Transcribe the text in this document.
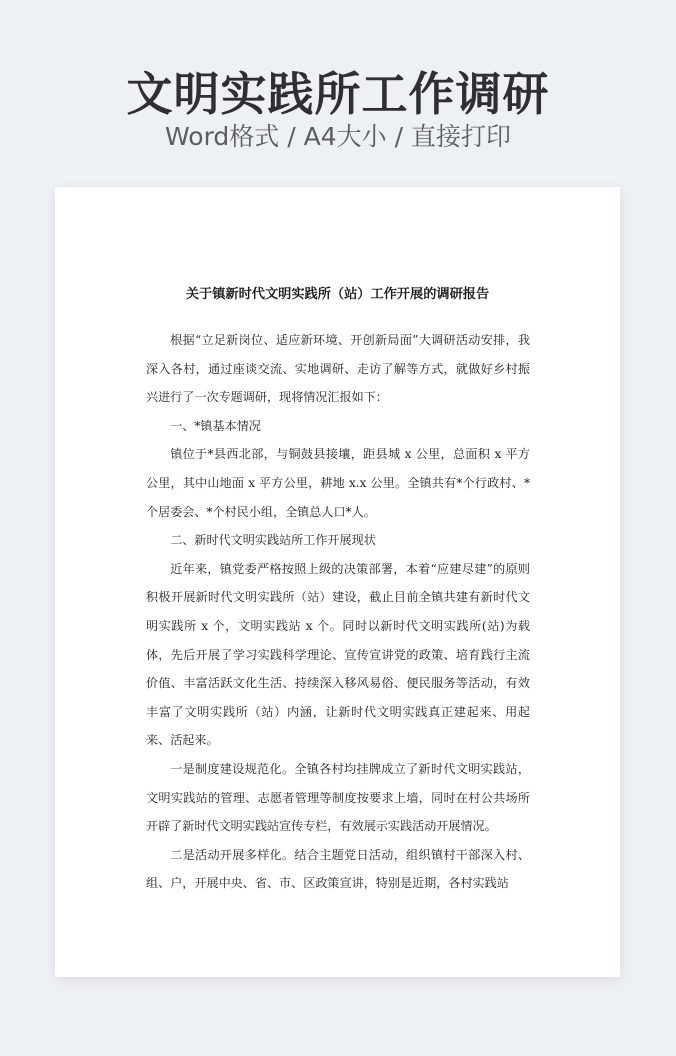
文明实践所工作调研
Word格式 / A4大小 / 直接打印
关于镇新时代文明实践所（站）工作开展的调研报告

根据“立足新岗位、适应新环境、开创新局面”大调研活动安排，我深入各村，通过座谈交流、实地调研、走访了解等方式，就做好乡村振兴进行了一次专题调研，现将情况汇报如下：

一、*镇基本情况

镇位于*县西北部，与铜鼓县接壤，距县城 x 公里，总面积 x 平方公里，其中山地面 x 平方公里，耕地 x.x 公里。全镇共有*个行政村、*个居委会、*个村民小组，全镇总人口*人。

二、新时代文明实践站所工作开展现状

近年来，镇党委严格按照上级的决策部署，本着“应建尽建”的原则积极开展新时代文明实践所（站）建设，截止目前全镇共建有新时代文明实践所 x 个，文明实践站 x 个。同时以新时代文明实践所(站)为载体，先后开展了学习实践科学理论、宣传宣讲党的政策、培育践行主流价值、丰富活跃文化生活、持续深入移风易俗、便民服务等活动，有效丰富了文明实践所（站）内涵，让新时代文明实践真正建起来、用起来、活起来。

一是制度建设规范化。全镇各村均挂牌成立了新时代文明实践站，文明实践站的管理、志愿者管理等制度按要求上墙，同时在村公共场所开辟了新时代文明实践站宣传专栏，有效展示实践活动开展情况。

二是活动开展多样化。结合主题党日活动，组织镇村干部深入村、组、户，开展中央、省、市、区政策宣讲，特别是近期，各村实践站
